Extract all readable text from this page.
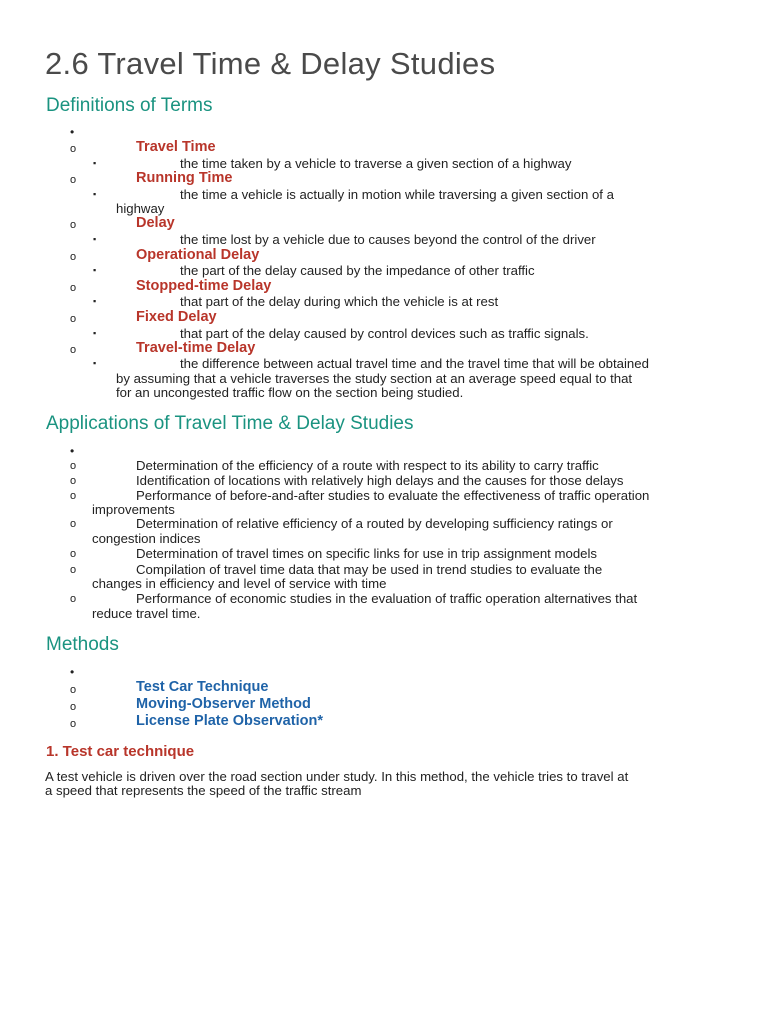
2.6 Travel Time & Delay Studies
Definitions of Terms
•
o	Travel Time
▪	the time taken by a vehicle to traverse a given section of a highway
o	Running Time
▪	the time a vehicle is actually in motion while traversing a given section of a
highway
o	Delay
▪	the time lost by a vehicle due to causes beyond the control of the driver
o	Operational Delay
▪	the part of the delay caused by the impedance of other traffic
o	Stopped-time Delay
▪	that part of the delay during which the vehicle is at rest
o	Fixed Delay
▪	that part of the delay caused by control devices such as traffic signals.
o	Travel-time Delay
▪	the difference between actual travel time and the travel time that will be obtained
by assuming that a vehicle traverses the study section at an average speed equal to that
for an uncongested traffic flow on the section being studied.
Applications of Travel Time & Delay Studies
•
o	Determination of the efficiency of a route with respect to its ability to carry traffic
o	Identification of locations with relatively high delays and the causes for those delays
o	Performance of before-and-after studies to evaluate the effectiveness of traffic operation
improvements
o	Determination of relative efficiency of a routed by developing sufficiency ratings or
congestion indices
o	Determination of travel times on specific links for use in trip assignment models
o	Compilation of travel time data that may be used in trend studies to evaluate the
changes in efficiency and level of service with time
o	Performance of economic studies in the evaluation of traffic operation alternatives that
reduce travel time.
Methods
•
o	Test Car Technique
o	Moving-Observer Method
o	License Plate Observation*
1. Test car technique
A test vehicle is driven over the road section under study. In this method, the vehicle tries to travel at
a speed that represents the speed of the traffic stream
